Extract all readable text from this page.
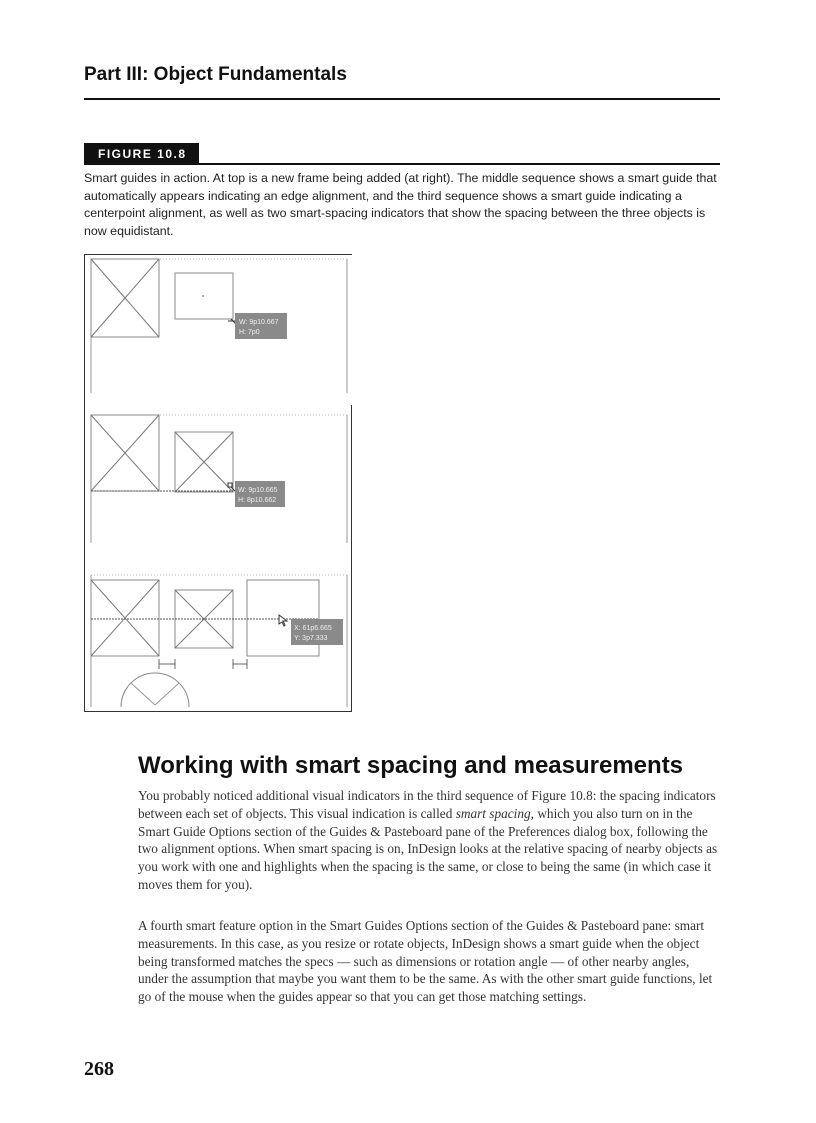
Part III: Object Fundamentals
FIGURE 10.8

Smart guides in action. At top is a new frame being added (at right). The middle sequence shows a smart guide that automatically appears indicating an edge alignment, and the third sequence shows a smart guide indicating a centerpoint alignment, as well as two smart-spacing indicators that show the spacing between the three objects is now equidistant.

W: 9p10.667
H: 7p0
W: 9p10.665
H: 8p10.662
X: 61p6.665
Y: 3p7.333
Working with smart spacing and measurements

You probably noticed additional visual indicators in the third sequence of Figure 10.8: the spacing indicators between each set of objects. This visual indication is called smart spacing, which you also turn on in the Smart Guide Options section of the Guides & Pasteboard pane of the Preferences dialog box, following the two alignment options. When smart spacing is on, InDesign looks at the relative spacing of nearby objects as you work with one and highlights when the spacing is the same, or close to being the same (in which case it moves them for you).

A fourth smart feature option in the Smart Guides Options section of the Guides & Pasteboard pane: smart measurements. In this case, as you resize or rotate objects, InDesign shows a smart guide when the object being transformed matches the specs — such as dimensions or rotation angle — of other nearby angles, under the assumption that maybe you want them to be the same. As with the other smart guide functions, let go of the mouse when the guides appear so that you can get those matching settings.

268
